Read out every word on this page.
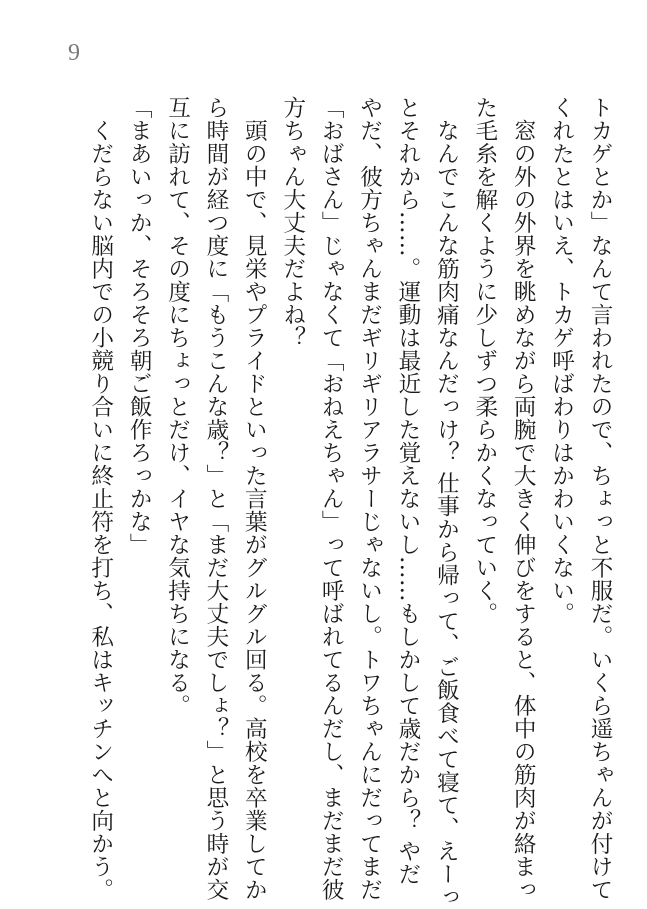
9
トカゲとか」なんて言われたので、ちょっと不服だ。いくら遥ちゃんが付けて
くれたとはいえ、トカゲ呼ばわりはかわいくない。
　窓の外の外界を眺めながら両腕で大きく伸びをすると、体中の筋肉が絡まっ
た毛糸を解くように少しずつ柔らかくなっていく。
　なんでこんな筋肉痛なんだっけ？ 仕事から帰って、ご飯食べて寝て、えーっ
とそれから……。運動は最近した覚えないし……もしかして歳だから？ やだ
やだ、彼方ちゃんまだギリギリアラサーじゃないし。トワちゃんにだってまだ
「おばさん」じゃなくて「おねえちゃん」って呼ばれてるんだし、まだまだ彼
方ちゃん大丈夫だよね？
　頭の中で、見栄やプライドといった言葉がグルグル回る。高校を卒業してか
ら時間が経つ度に「もうこんな歳？」と「まだ大丈夫でしょ？」と思う時が交
互に訪れて、その度にちょっとだけ、イヤな気持ちになる。
「まあいっか、そろそろ朝ご飯作ろっかな」
　くだらない脳内での小競り合いに終止符を打ち、私はキッチンへと向かう。
